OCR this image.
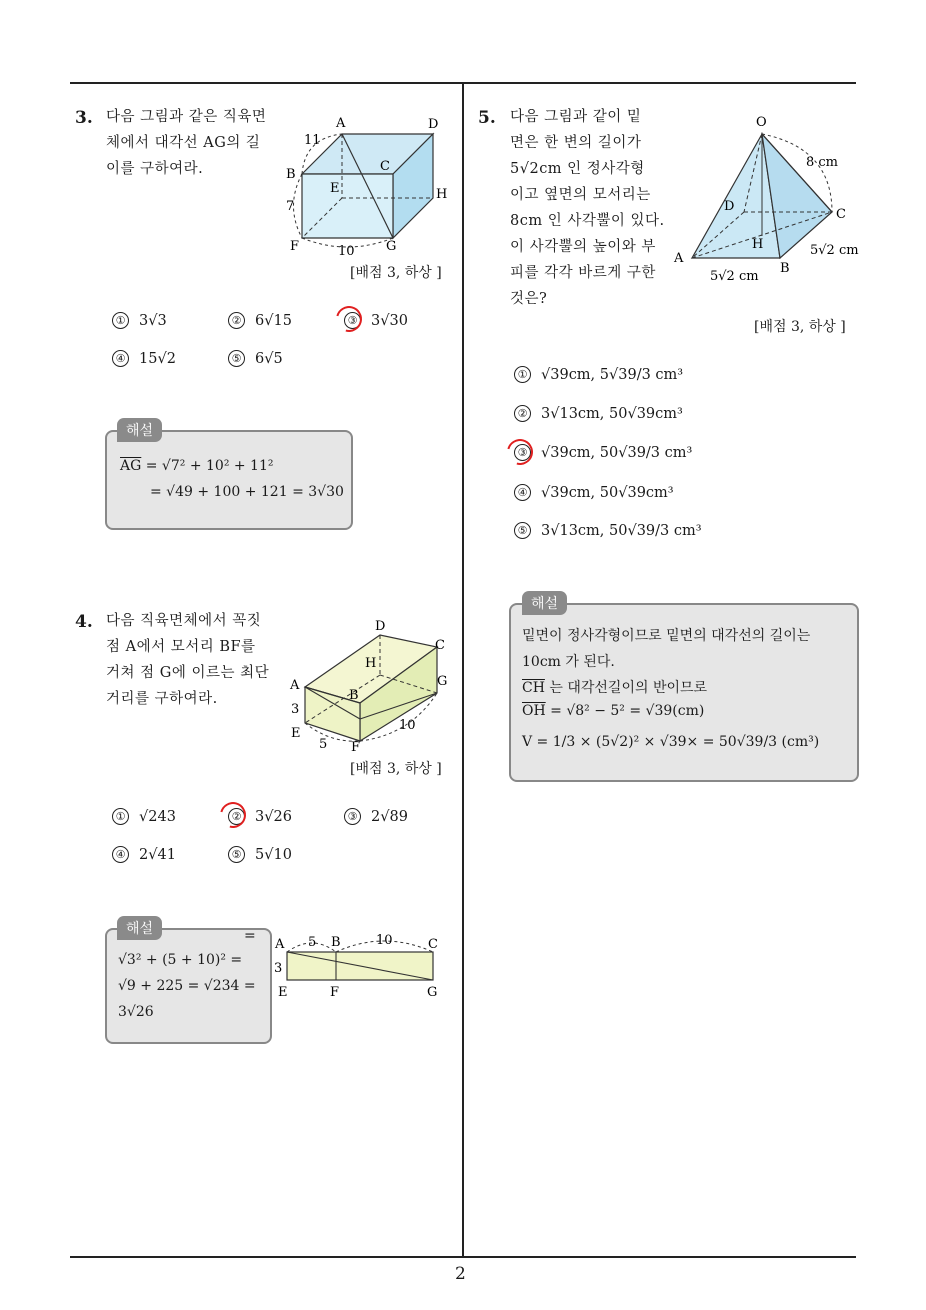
2
3. 다음 그림과 같은 직육면
체에서 대각선 AG의 길
이를 구하여라.
A	D
B
C
E	H
F	G
11
7
10
[배점 3, 하상 ]
① 3√3	② 6√15	③ 3√30
④ 15√2	⑤ 6√5
해설
$\overline{AG} = √7^2 + 10^2 + 11^2$
= √49 + 100 + 121 = 3√30
4. 다음 직육면체에서 꼭짓
점 A에서 모서리 BF를
거쳐 점 G에 이르는 최단
거리를 구하여라.
D
C
H
A
B
G
3
E
5 F
10
[배점 3, 하상 ]
① √243	② 3√26	③ 2√89
④ 2√41	⑤ 5√10
해설	=
√3² + (5 + 10)² =
√9 + 225 = √234 =
3√26
A 5 B	10	C
3
E	F	G
5. 다음 그림과 같이 밑
면은 한 변의 길이가
5√2cm 인 정사각형
이고 옆면의 모서리는
8cm 인 사각뿔이 있다.
이 사각뿔의 높이와 부
피를 각각 바르게 구한
것은?
O
8 cm
D
C
H	5√2 cm
A
B
5√2 cm
[배점 3, 하상 ]
① √39cm, 5√39/3 cm³
② 3√13cm, 50√39cm³
③ √39cm, 50√39/3 cm³
④ √39cm, 50√39cm³
⑤ 3√13cm, 50√39/3 cm³
해설
밑면이 정사각형이므로 밑면의 대각선의 길이는
10cm 가 된다.
$\overline{CH}$ 는 대각선길이의 반이므로
$\overline{OH} = √8^2 - 5^2 = √39(cm)$
V = 1/3 × (5√2)² × √39× = 50√39/3 (cm³)
